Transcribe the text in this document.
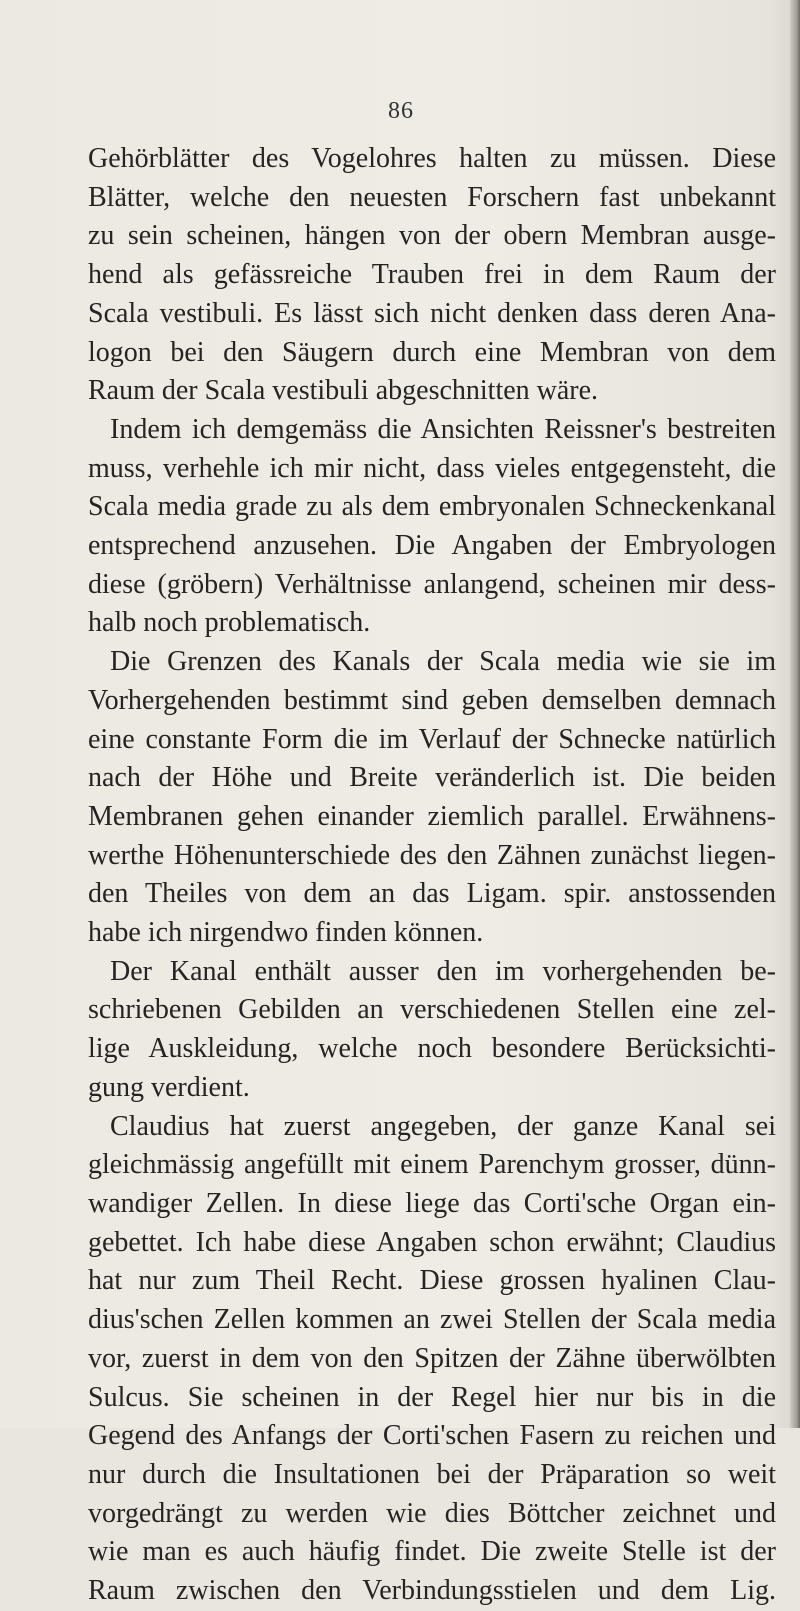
86
Gehörblätter des Vogelohres halten zu müssen. Diese
Blätter, welche den neuesten Forschern fast unbekannt
zu sein scheinen, hängen von der obern Membran ausge-
hend als gefässreiche Trauben frei in dem Raum der
Scala vestibuli. Es lässt sich nicht denken dass deren Ana-
logon bei den Säugern durch eine Membran von dem
Raum der Scala vestibuli abgeschnitten wäre.
Indem ich demgemäss die Ansichten Reissner's bestreiten
muss, verhehle ich mir nicht, dass vieles entgegensteht, die
Scala media grade zu als dem embryonalen Schneckenkanal
entsprechend anzusehen. Die Angaben der Embryologen
diese (gröbern) Verhältnisse anlangend, scheinen mir dess-
halb noch problematisch.
Die Grenzen des Kanals der Scala media wie sie im
Vorhergehenden bestimmt sind geben demselben demnach
eine constante Form die im Verlauf der Schnecke natürlich
nach der Höhe und Breite veränderlich ist. Die beiden
Membranen gehen einander ziemlich parallel. Erwähnens-
werthe Höhenunterschiede des den Zähnen zunächst liegen-
den Theiles von dem an das Ligam. spir. anstossenden
habe ich nirgendwo finden können.
Der Kanal enthält ausser den im vorhergehenden be-
schriebenen Gebilden an verschiedenen Stellen eine zel-
lige Auskleidung, welche noch besondere Berücksichti-
gung verdient.
Claudius hat zuerst angegeben, der ganze Kanal sei
gleichmässig angefüllt mit einem Parenchym grosser, dünn-
wandiger Zellen. In diese liege das Corti'sche Organ ein-
gebettet. Ich habe diese Angaben schon erwähnt; Claudius
hat nur zum Theil Recht. Diese grossen hyalinen Clau-
dius'schen Zellen kommen an zwei Stellen der Scala media
vor, zuerst in dem von den Spitzen der Zähne überwölbten
Sulcus. Sie scheinen in der Regel hier nur bis in die
Gegend des Anfangs der Corti'schen Fasern zu reichen und
nur durch die Insultationen bei der Präparation so weit
vorgedrängt zu werden wie dies Böttcher zeichnet und
wie man es auch häufig findet. Die zweite Stelle ist der
Raum zwischen den Verbindungsstielen und dem Lig.
